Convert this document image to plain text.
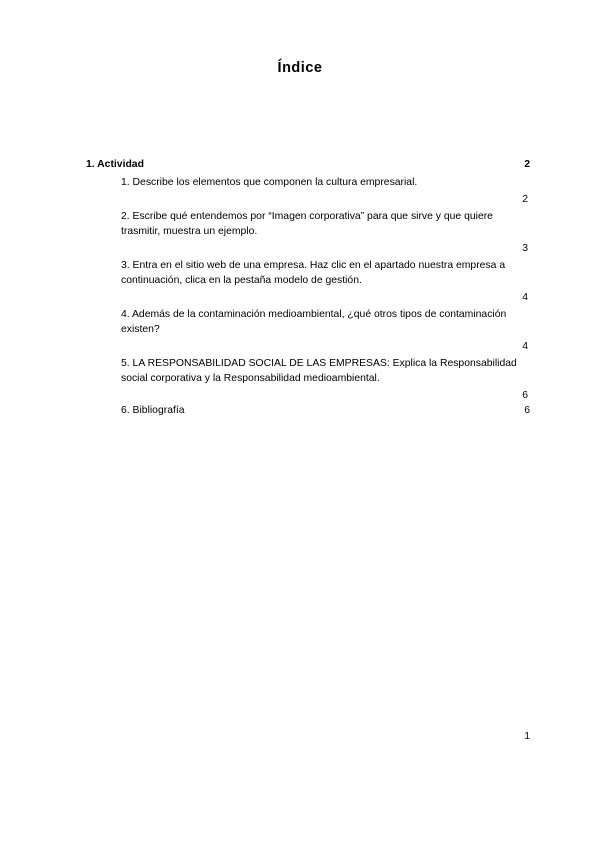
Índice
1. Actividad	2
1. Describe los elementos que componen la cultura empresarial.
2
2. Escribe qué entendemos por “Imagen corporativa” para que sirve y que quiere trasmitir, muestra un ejemplo.
3
3. Entra en el sitio web de una empresa. Haz clic en el apartado nuestra empresa a continuación, clica en la pestaña modelo de gestión.
4
4. Además de la contaminación medioambiental, ¿qué otros tipos de contaminación existen?
4
5. LA RESPONSABILIDAD SOCIAL DE LAS EMPRESAS: Explica la Responsabilidad social corporativa y la Responsabilidad medioambiental.
6
6. Bibliografía	6
1
